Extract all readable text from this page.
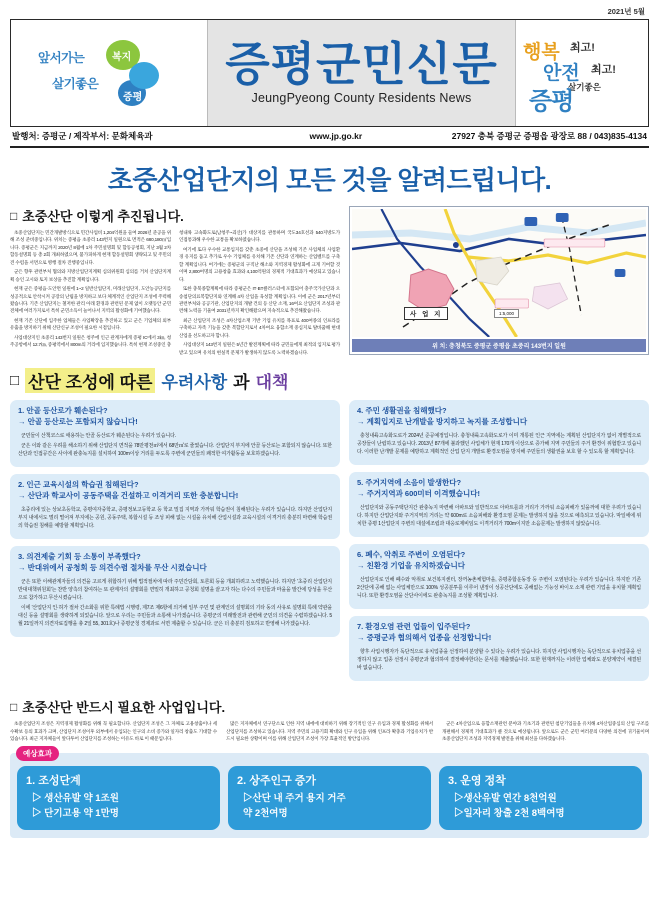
2021년 5월
앞서가는
살기좋은
복지
증평
증평군민신문
JeungPyeong County Residents News
행복 최고!
안전 최고!
살기좋은
증평
발행처: 증평군 / 제작부서: 문화체육과	www.jp.go.kr	27927 충북 증평군 증평읍 광장로 88 / 043)835-4134
초중산업단지의 모든 것을 알려드립니다.
□ 초중산단 이렇게 추진됩니다.

초중산업단지는 민간개발방식으로 민간사업비 1,204억원을 들여 2026년 준공을 위해 조성 준비중입니다. 위치는 증평읍 초중리 143번지 일원으로 면적은 680,180㎡입니다. 증평군은 지금까지 2020년 8월에 1차 주민설명회 및 합동공청회, 지난 3월 2차 합동설명회 등 총 2회 개최하였으며, 불가피하게 현재 합동설명회 생략되고 및 주민의견 수렴을 서면으로 병행 절차 진행중입니다.

군은 향후 관련부처 협의와 지방산업단지계획 심의위원회 심의를 거쳐 산업단지계획 승인 고시와 토지 보상을 추진할 계획입니다.

현재 군은 증평읍·도안면 일원에 1~2 일반산업단지, 미래산업단지, 도안농공단지를 성공적으로 안착시켜 공장의 난립을 방지하고 보다 체계적인 산업단지 조성에 주력해왔습니다. 기존 산업단지는 철저한 관리 아래 환경과 관련된 문제 없이 오랫동안 군민 전체에 여러가지로서 특히 군민소득이 늘어나서 지역의 활성화에 기여했습니다.

현재 기존 산단에 입주한 업체들은 사업확장을 추진하고 있고 군은 기업체의 외부유출을 방지하기 위해 산단신규 조성이 필요한 시점입니다.

사업대상지인 초중리 143번지 일원은 청주에 인근 관계자에게 증평 IC에서 3㎞, 청주공항에서 12.7㎞, 증평역에서 800m의 거리에 입지했습니다. 특히 현재 조성중인 충청내륙 고속화도로(남청주~괴산)가 대상지를 관통하며 국도34호선과 540지방도가 인접통과해 우수한 교통을 확보하였습니다.

여기에 또다 우수한 교통입지를 갖춘 초중에 산단을 조성해 기존 사업체의 사업환경 유지를 돕고 추가로 우수 기업체를 유치해 기존 산단과 연계하는 산업벨트를 구축할 계획입니다. 여기에는 증평군의 구직난 해소와 지역경제 활성화에 크게 기여할 것이며 2,800여명의 고용창출 효과와 4,100억원의 경제적 기대효과가 예상되고 있습니다.

또한 충북종합계획에 따라 증평군은 IT·BT클러스터에 포함되어 충주국가산단과 오송첨단의료복합단지와 연계해 4차 산업을 육성할 계획입니다. 이에 군은 2017년부터 관련부처와 공공기관, 산업단지의 개발 건의 등 산단 소재, 16여요 산업단지 조성과 관련해 노력을 기울여 2031년까지 확인해왔으며 지속적으로 추진해왔습니다.

최근 산업단지 조성은 4차산업소재 기반 기업 유치를 목표로 400여종의 인프라를 구축하고 자족 기능을 갖춘 복합단지로서 4차여요 융합소재 중심지로 탈바꿈해 현대산업을 선도하고자 합니다.

사업대상지 143번지 일원은 5년간 발전계획에 따라 군민들에게 최적의 입지로 평가받고 있으며 유치의 현실적 문제가 발생하지 않도록 노력하겠습니다.

사 업 지	1:5,000
위 치: 충청북도 증평군 증평읍 초중리 143번지 일원
□ 산단 조성에 따른 우려사항 과 대책
1. 안골 등산로가 훼손된다?
→ 안골 등산로는 포함되지 않습니다!

군민들이 산책코스로 애용하는 안골 등산로가 훼손된다는 우려가 있습니다.

군은 이와 같은 우려를 해소하기 위해 산업단지 면적을 78만평천㎡에서 68만㎡로 줄였습니다. 산업단지 부지에 안골 등산로는 포함되지 않습니다. 또한 산단과 인접공간은 사이에 완충녹지를 설치하여 100m이상 거리를 두도록 주변에 군민들의 쾌적한 여가활동을 보호하겠습니다.

2. 인근 교육시설의 학습권 침해된다?
→ 산단과 학교사이 공동주택을 건설하고 이격거리 또한 충분합니다!

초중리에 있는 상보초등학교, 증평여자중학교, 증평정보고등학교 등 학교 밀집 지역과 가까워 학습권이 침해된다는 우려가 있습니다. 하지만 산업단지 부지 내에서도 멀리 떨어져 부지에는 공원, 공동주택, 복합시설 등 조성 피해 없는 시설을 유치해 산업시설과 교육시설의 이격거리 충분히 마련해 학습권의 학습권 침해를 예방할 계획입니다.

3. 의견제출 기회 등 소통이 부족했다?
→ 반대위에서 공청회 등 의견수렴 절차를 무산 시켰습니다

군은 또한 이해관계자들의 의견을 고르게 취합하기 위해 법적절차에 따라 주민간담회, 토론회 등을 개최하려고 노력했습니다. 하지만 '초중리 산업단지 반대대책위원회'는 찬반 양측의 참여하는 또 관계자의 설명회를 면밀히 개최하고 공청회 설명을 끝고자 하는 다수의 주민들과 마을을 발간에 당성을 무산으로 참가하고 무산시켰습니다.

이에 '산업단지 인·허가 절차 간소화를 위한 특례법 시행령, 제7조 제6항에 의거해 일부 주민 및 관계인의 설명회의 기타 동의 사유로 설명회 특례 약관을 대신 등을 설명회를 생략하게 되었습니다. 앞으로 우리는 주민들과 소통해 나가겠습니다. 증평군의 미래발전과 관련해 군민의 의견을 수렴하겠습니다. 5월 21일까지 의견자료집행을 총 2일 55, 301호)나 증평군청 경제과로 서면 제출할 수 있습니다. 군은 더 충분히 검토하고 반영해 나가겠습니다.

4. 주민 생활권을 침해했다?
→ 계획입지로 난개발을 방지하고 녹지를 조성합니다

충청내륙고속화도로가 2024년 준공예정입니다. 충청내륙고속화도로가 이미 개통된 인근 지역에는 계획된 산업단지가 없어 개별적으로 공장들이 난립하고 있습니다. 2013년 87개에 불과했던 사업체가 현재 170개 이상으로 증가해 지역 주민들의 주거 환경이 위협받고 있습니다. 이러한 난개발 문제를 예방하고 계획적인 산업 단지 개발로 환경오염을 방지해 주민들의 생활권을 보호 할 수 있도록 할 계획입니다.

5. 주거지역에 소음이 발생한다?
→ 주거지역과 600미터 이격했습니다!

산업단지와 공동주택단지간 완충녹지 마련해 아파트와 일반적으로 아파트를과 거리가 가까워 소음피해가 있을까에 대한 우려가 있습니다. 하지만 산업단지와 주거지역의 거리는 약 600m로 소음피해와 환경오염 문제는 발생하지 않을 것으로 예측되고 있습니다. 막일에에 위치한 증평 1산업단지 주변의 대설에조립과 대응로제비임도 이격거리가 700m이지만 소음문제는 발생하지 않았습니다.

6. 폐수, 악취로 주변이 오염된다?
→ 친환경 기업을 유치하겠습니다

산업단지로 인해 폐수와 악취로 보건복지센터, 장꺼농촌체험마을, 증평종합운동장 등 주변이 오염된다는 우려가 있습니다. 하지만 기존 2산단에 공해 없는 사업체만으로 100% 성공분투를 이루어 낸정이 성공산단에도 공해없는 기능성 바이오 소재 관련 기업을 유치할 계획입니다. 또한 환경오염을 산단사이에도 완충녹지를 조성할 계획입니다.

7. 환경오염 관련 업들이 입주된다?
→ 증평군과 협의해서 업종을 선정합니다!

향후 사업시행자가 독단적으로 유치업종을 선정하여 분양할 수 있다는 우려가 있습니다. 하지만 사업시행자는 독단적으로 유치업종을 선정하지 않고 업종 선정시 증평군과 협의하여 결정해야한다는 문서를 제출했습니다. 또한 현재까지는 이러한 업체와도 분양계약이 체결된 바 없습니다.

□ 초중산단 반드시 필요한 사업입니다.

초중산업단지 조성은 지역경제 활성화를 위해 꼭 필요합니다. 산업단지 조성은 그 자체로 고용창출이나 세수확보 등의 효과가 크며, 산업단지 조성이후 외부에서 유입되는 인구의 소비 증가와 일자리 창출도 기대할 수 있습니다. 최근 지자체들이 앞다투어 산업단지를 조성하는 이유도 바로 이 때문입니다.

많은 지자체에서 연구단소로 인한 지역 내에에 대비하기 위해 장기적인 인구 유입과 경제 활성화를 위해서 산업단지를 조성하고 있습니다. 지역 주민의 고용기회 확대와 인구 유입을 위해 인프라 확충과 기업유치가 반드시 필요한 상황이며 이를 위해 산업단지 조성이 가장 효율적인 방안입니다.

군은 4차산업으로 융합소재관련 분야과 기초기과 관련된 첨단기업들을 유치해 4차산업중심의 산업 구조를 개편해서 경제적 기대효과가 클 것으로 예상됩니다. 앞으로도 군은 군민 여러분의 다양한 의견에 귀기울이며 초중산업단지 조성과 지역경제 발전을 위해 최선을 다하겠습니다.

예상효과
1. 조성단계
▷ 생산유발 약 1조원
▷ 단기고용 약 1만명
2. 상주인구 증가
▷산단 내 주거 용지 거주
약 2천여명
3. 운영 정착
▷생산유발 연간 8천억원
▷일자리 창출 2천 8백여명
